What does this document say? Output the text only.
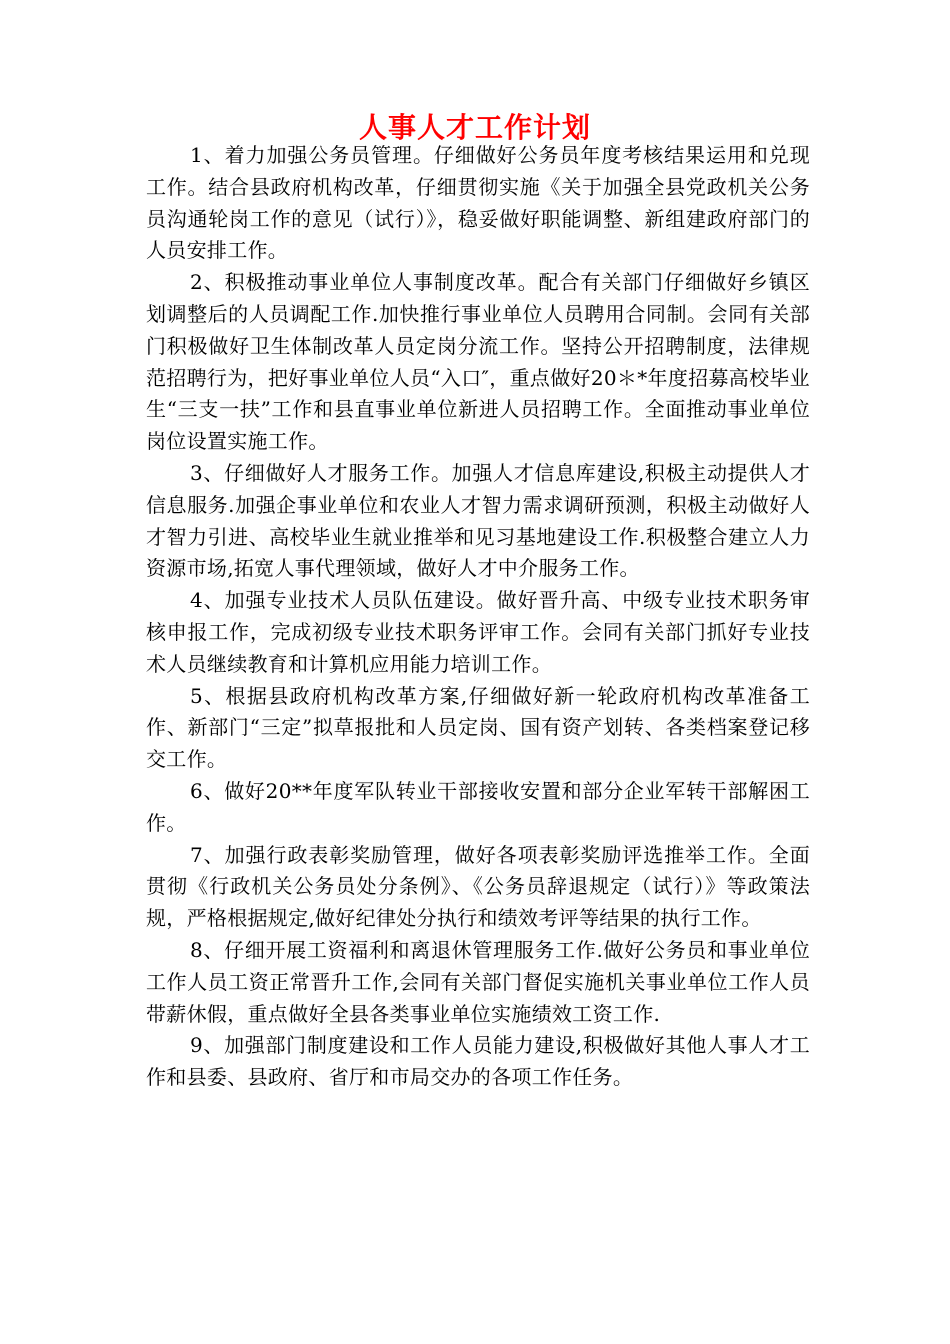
人事人才工作计划

1、着力加强公务员管理。仔细做好公务员年度考核结果运用和兑现工作。结合县政府机构改革，仔细贯彻实施《关于加强全县党政机关公务员沟通轮岗工作的意见（试行）》，稳妥做好职能调整、新组建政府部门的人员安排工作。

2、积极推动事业单位人事制度改革。配合有关部门仔细做好乡镇区划调整后的人员调配工作.加快推行事业单位人员聘用合同制。会同有关部门积极做好卫生体制改革人员定岗分流工作。坚持公开招聘制度，法律规范招聘行为，把好事业单位人员“入口″，重点做好20＊*年度招募高校毕业生“三支一扶”工作和县直事业单位新进人员招聘工作。全面推动事业单位岗位设置实施工作。

3、仔细做好人才服务工作。加强人才信息库建设,积极主动提供人才信息服务.加强企事业单位和农业人才智力需求调研预测，积极主动做好人才智力引进、高校毕业生就业推举和见习基地建设工作.积极整合建立人力资源市场,拓宽人事代理领域，做好人才中介服务工作。

4、加强专业技术人员队伍建设。做好晋升高、中级专业技术职务审核申报工作，完成初级专业技术职务评审工作。会同有关部门抓好专业技术人员继续教育和计算机应用能力培训工作。

5、根据县政府机构改革方案,仔细做好新一轮政府机构改革准备工作、新部门“三定”拟草报批和人员定岗、国有资产划转、各类档案登记移交工作。

6、做好20**年度军队转业干部接收安置和部分企业军转干部解困工作。

7、加强行政表彰奖励管理，做好各项表彰奖励评选推举工作。全面贯彻《行政机关公务员处分条例》、《公务员辞退规定（试行）》等政策法规，严格根据规定,做好纪律处分执行和绩效考评等结果的执行工作。

8、仔细开展工资福利和离退休管理服务工作.做好公务员和事业单位工作人员工资正常晋升工作,会同有关部门督促实施机关事业单位工作人员带薪休假，重点做好全县各类事业单位实施绩效工资工作.

9、加强部门制度建设和工作人员能力建设,积极做好其他人事人才工作和县委、县政府、省厅和市局交办的各项工作任务。
